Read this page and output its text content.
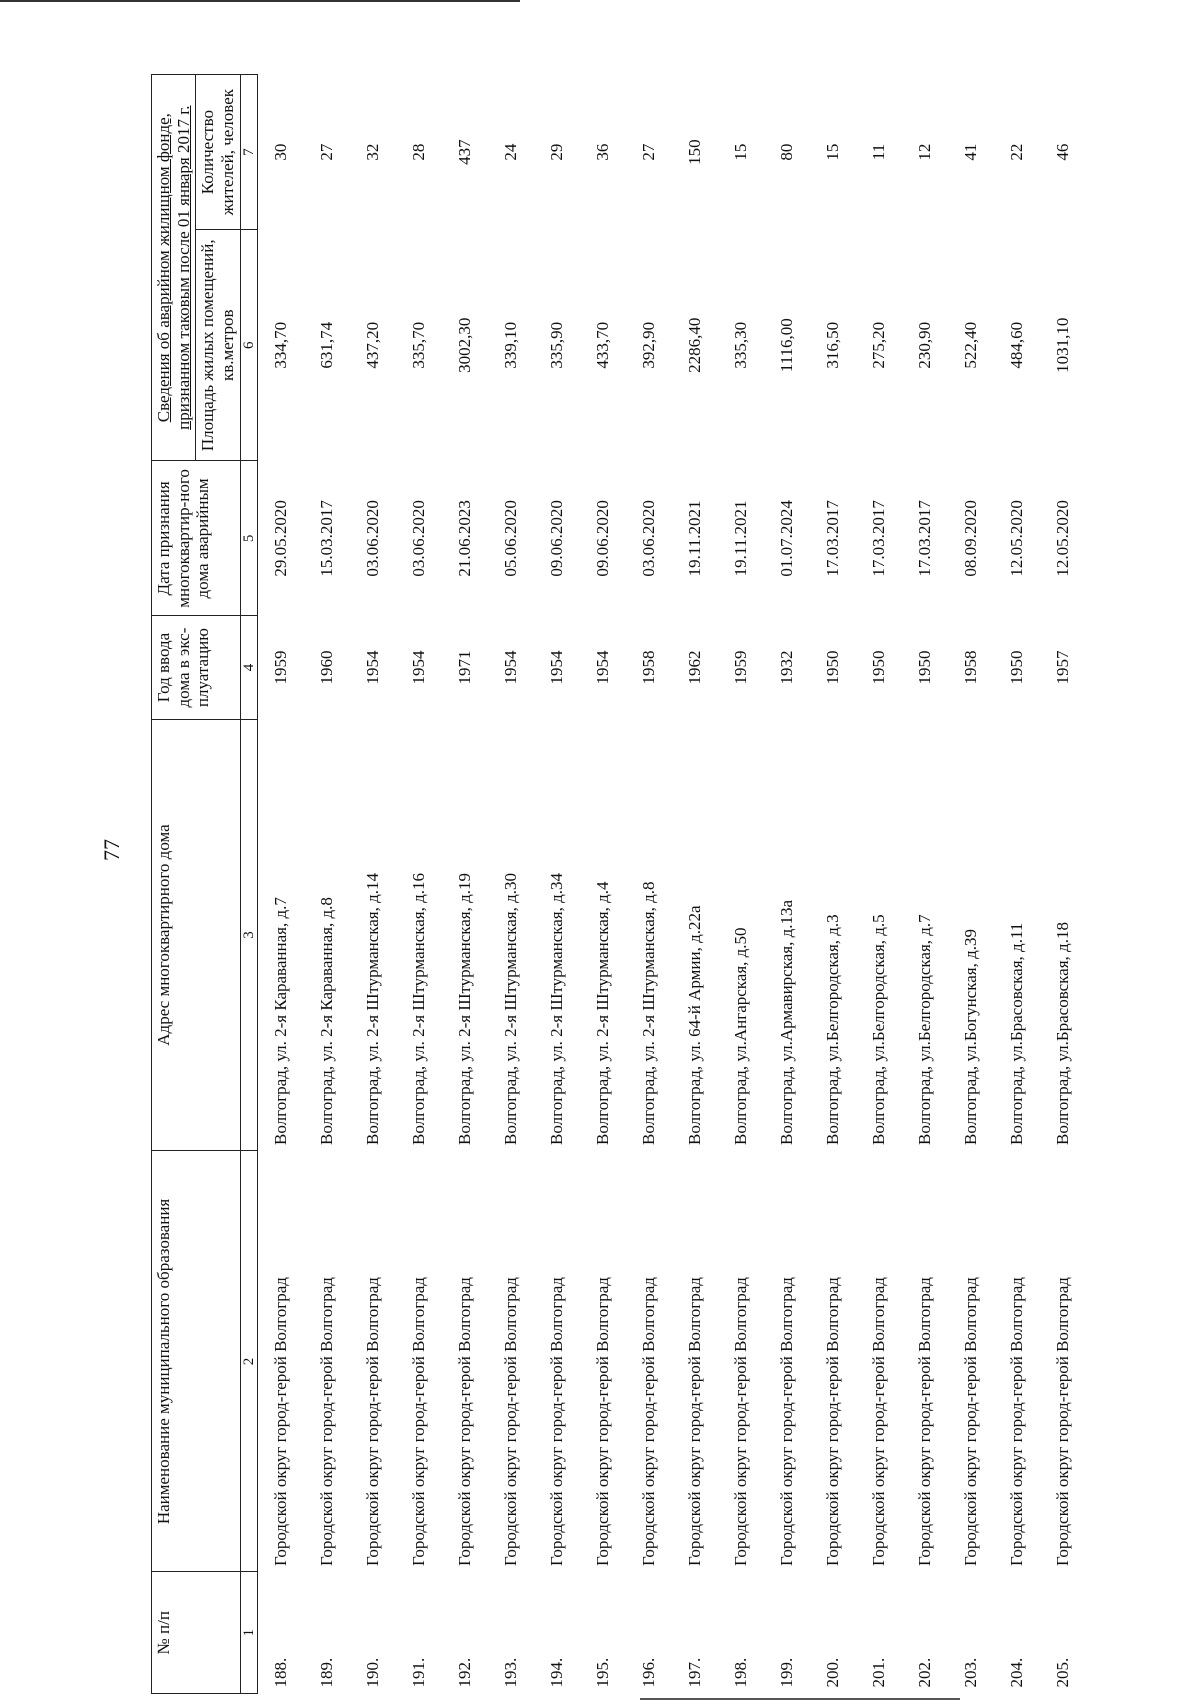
77
№ п/п	Наименование муниципального образования	Адрес многоквартирного дома	Год ввода дома в экс-плуатацию	Дата признания многоквартир-ного дома аварийным	Сведения об аварийном жилищном фонде, признанном таковым после 01 января 2017 г.	
					Площадь жилых помещений, кв.метров	Количество жителей, человек
1	2	3	4	5	6	7
188.	Городской округ город-герой Волгоград	Волгоград, ул. 2-я Караванная, д.7	1959	29.05.2020	334,70	30
189.	Городской округ город-герой Волгоград	Волгоград, ул. 2-я Караванная, д.8	1960	15.03.2017	631,74	27
190.	Городской округ город-герой Волгоград	Волгоград, ул. 2-я Штурманская, д.14	1954	03.06.2020	437,20	32
191.	Городской округ город-герой Волгоград	Волгоград, ул. 2-я Штурманская, д.16	1954	03.06.2020	335,70	28
192.	Городской округ город-герой Волгоград	Волгоград, ул. 2-я Штурманская, д.19	1971	21.06.2023	3002,30	437
193.	Городской округ город-герой Волгоград	Волгоград, ул. 2-я Штурманская, д.30	1954	05.06.2020	339,10	24
194.	Городской округ город-герой Волгоград	Волгоград, ул. 2-я Штурманская, д.34	1954	09.06.2020	335,90	29
195.	Городской округ город-герой Волгоград	Волгоград, ул. 2-я Штурманская, д.4	1954	09.06.2020	433,70	36
196.	Городской округ город-герой Волгоград	Волгоград, ул. 2-я Штурманская, д.8	1958	03.06.2020	392,90	27
197.	Городской округ город-герой Волгоград	Волгоград, ул. 64-й Армии, д.22а	1962	19.11.2021	2286,40	150
198.	Городской округ город-герой Волгоград	Волгоград, ул.Ангарская, д.50	1959	19.11.2021	335,30	15
199.	Городской округ город-герой Волгоград	Волгоград, ул.Армавирская, д.13а	1932	01.07.2024	1116,00	80
200.	Городской округ город-герой Волгоград	Волгоград, ул.Белгородская, д.3	1950	17.03.2017	316,50	15
201.	Городской округ город-герой Волгоград	Волгоград, ул.Белгородская, д.5	1950	17.03.2017	275,20	11
202.	Городской округ город-герой Волгоград	Волгоград, ул.Белгородская, д.7	1950	17.03.2017	230,90	12
203.	Городской округ город-герой Волгоград	Волгоград, ул.Богунская, д.39	1958	08.09.2020	522,40	41
204.	Городской округ город-герой Волгоград	Волгоград, ул.Брасовская, д.11	1950	12.05.2020	484,60	22
205.	Городской округ город-герой Волгоград	Волгоград, ул.Брасовская, д.18	1957	12.05.2020	1031,10	46
